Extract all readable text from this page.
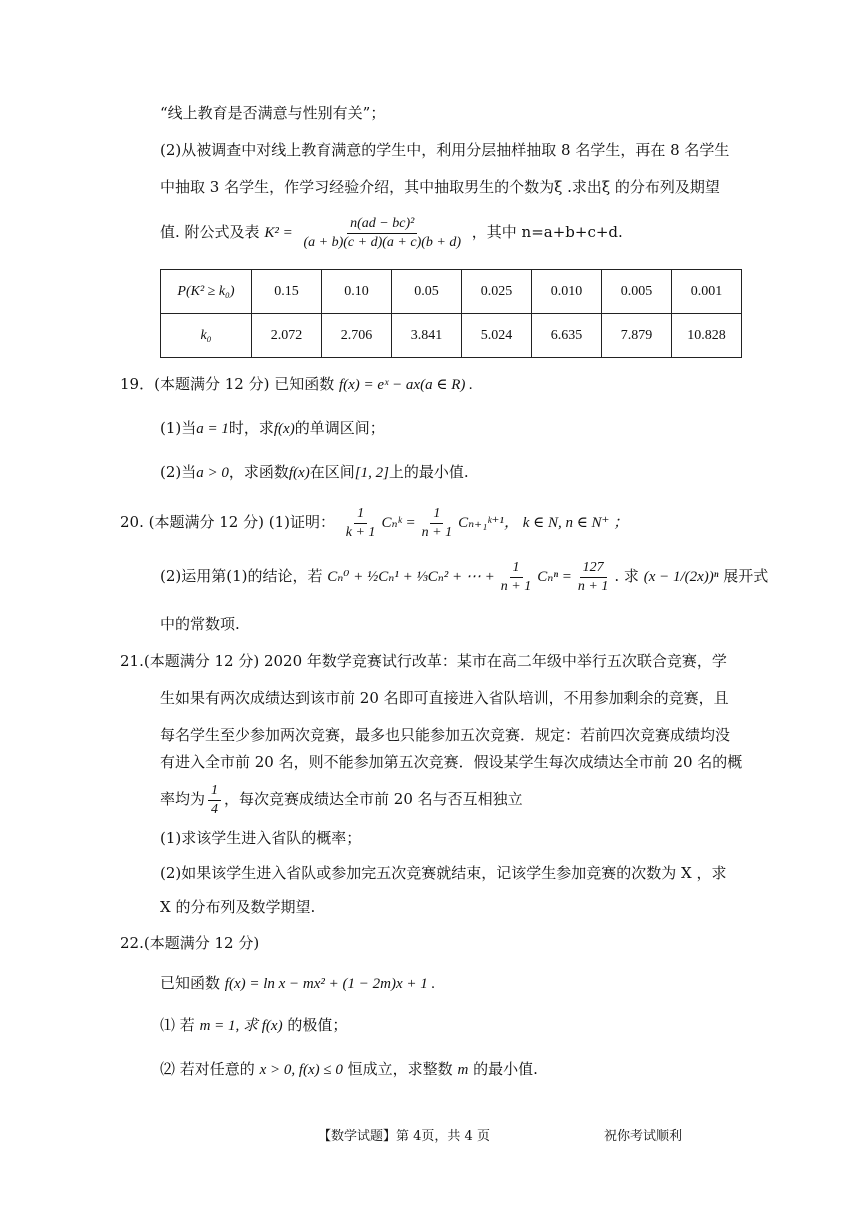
“线上教育是否满意与性别有关”；
(2)从被调查中对线上教育满意的学生中，利用分层抽样抽取 8 名学生，再在 8 名学生
中抽取 3 名学生，作学习经验介绍，其中抽取男生的个数为ξ .求出ξ 的分布列及期望
值. 附公式及表 $K^2 = \frac{\text{n(ad − bc)²}}{(a + b)(c + d)(a + c)(b + d)}$ ，其中 n=a+b+c+d.
P(K² ≥ k₀)	0.15	0.10	0.05	0.025	0.010	0.005	0.001
k₀	2.072	2.706	3.841	5.024	6.635	7.879	10.828
19．(本题满分 12 分) 已知函数 f(x) = eˣ − ax(a ∈ R) .
(1)当a = 1时，求f(x)的单调区间；
(2)当a > 0，求函数f(x)在区间[1, 2]上的最小值.
20. (本题满分 12 分) (1)证明： $\frac{1}{k + 1}$ Cₙᵏ = $\frac{1}{n + 1}$ Cₙ₊₁ᵏ⁺¹， k ∈ N, n ∈ N⁺ ；
(2)运用第(1)的结论，若 Cₙ⁰ + ½Cₙ¹ + ⅓Cₙ² + ⋯ + $\frac{1}{n + 1}$ $C_n^n = \frac{127}{n + 1}$ . 求 (x − 1/(2x))ⁿ 展开式
中的常数项.
21.(本题满分 12 分) 2020 年数学竞赛试行改革：某市在高二年级中举行五次联合竞赛，学
生如果有两次成绩达到该市前 20 名即可直接进入省队培训，不用参加剩余的竞赛，且
每名学生至少参加两次竞赛，最多也只能参加五次竞赛．规定：若前四次竞赛成绩均没
有进入全市前 20 名，则不能参加第五次竞赛．假设某学生每次成绩达全市前 20 名的概
率均为 $\frac{1}{4}$ ，每次竞赛成绩达全市前 20 名与否互相独立
(1)求该学生进入省队的概率；
(2)如果该学生进入省队或参加完五次竞赛就结束，记该学生参加竞赛的次数为 X ，求
X 的分布列及数学期望.
22.(本题满分 12 分)
已知函数 f(x) = ln x − mx² + (1 − 2m)x + 1 .
⑴ 若 m = 1, 求 f(x) 的极值；
⑵ 若对任意的 x > 0, f(x) ≤ 0 恒成立，求整数 m 的最小值.
【数学试题】第 4页，共 4 页	祝你考试顺利
